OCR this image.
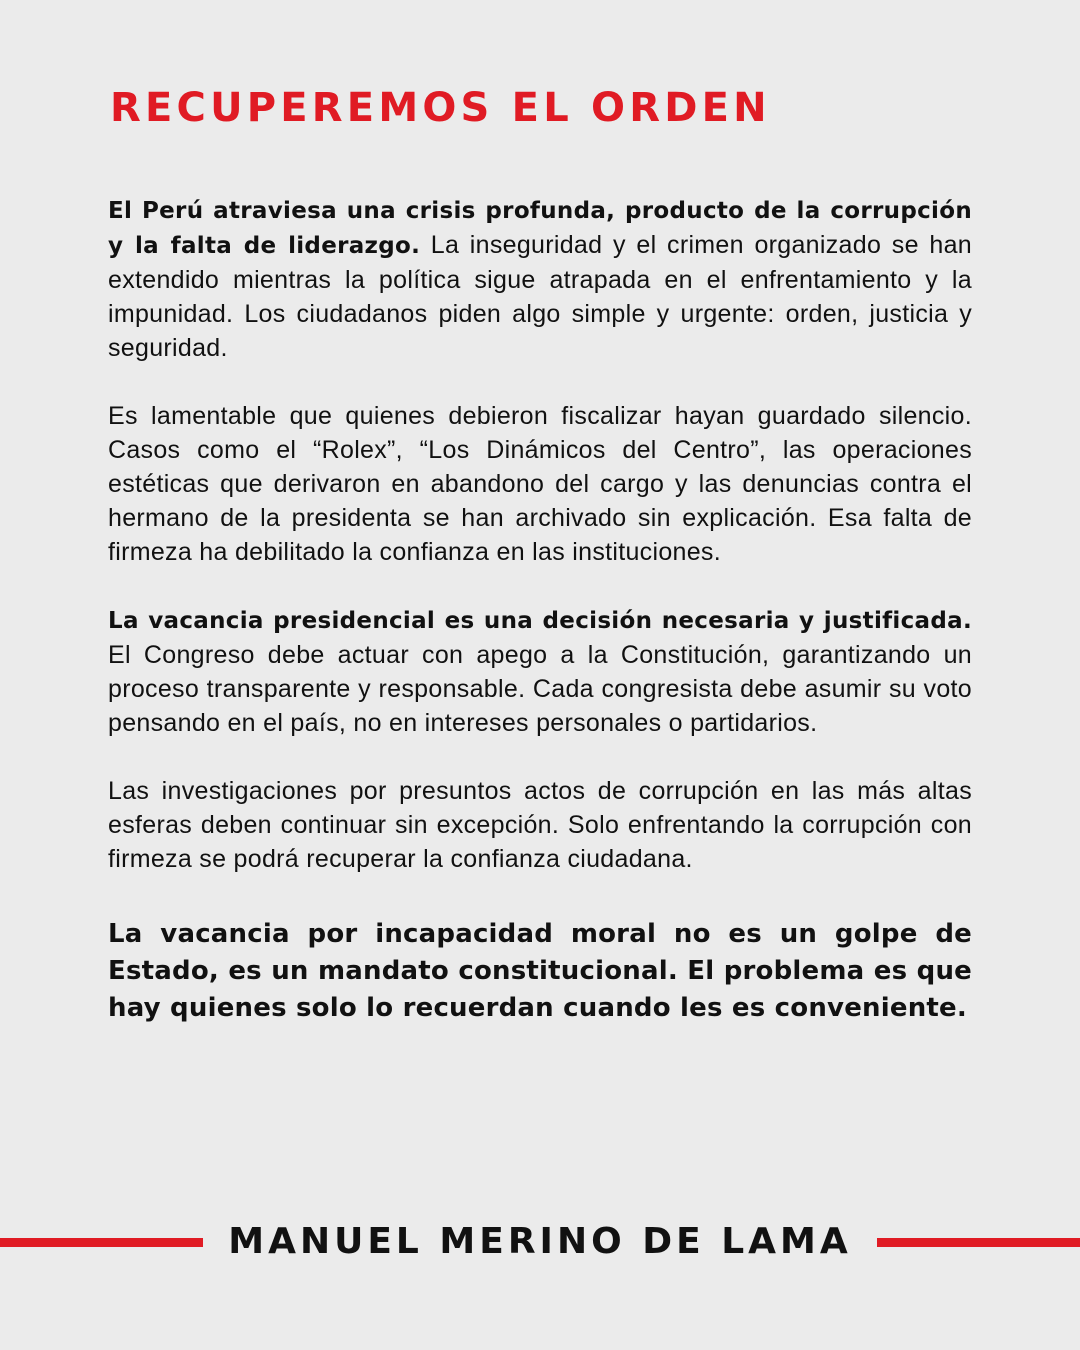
RECUPEREMOS EL ORDEN

El Perú atraviesa una crisis profunda, producto de la corrupción y la falta de liderazgo. La inseguridad y el crimen organizado se han extendido mientras la política sigue atrapada en el enfrentamiento y la impunidad. Los ciudadanos piden algo simple y urgente: orden, justicia y seguridad.

Es lamentable que quienes debieron fiscalizar hayan guardado silencio. Casos como el “Rolex”, “Los Dinámicos del Centro”, las operaciones estéticas que derivaron en abandono del cargo y las denuncias contra el hermano de la presidenta se han archivado sin explicación. Esa falta de firmeza ha debilitado la confianza en las instituciones.

La vacancia presidencial es una decisión necesaria y justificada. El Congreso debe actuar con apego a la Constitución, garantizando un proceso transparente y responsable. Cada congresista debe asumir su voto pensando en el país, no en intereses personales o partidarios.

Las investigaciones por presuntos actos de corrupción en las más altas esferas deben continuar sin excepción. Solo enfrentando la corrupción con firmeza se podrá recuperar la confianza ciudadana.

La vacancia por incapacidad moral no es un golpe de Estado, es un mandato constitucional. El problema es que hay quienes solo lo recuerdan cuando les es conveniente.

MANUEL MERINO DE LAMA
